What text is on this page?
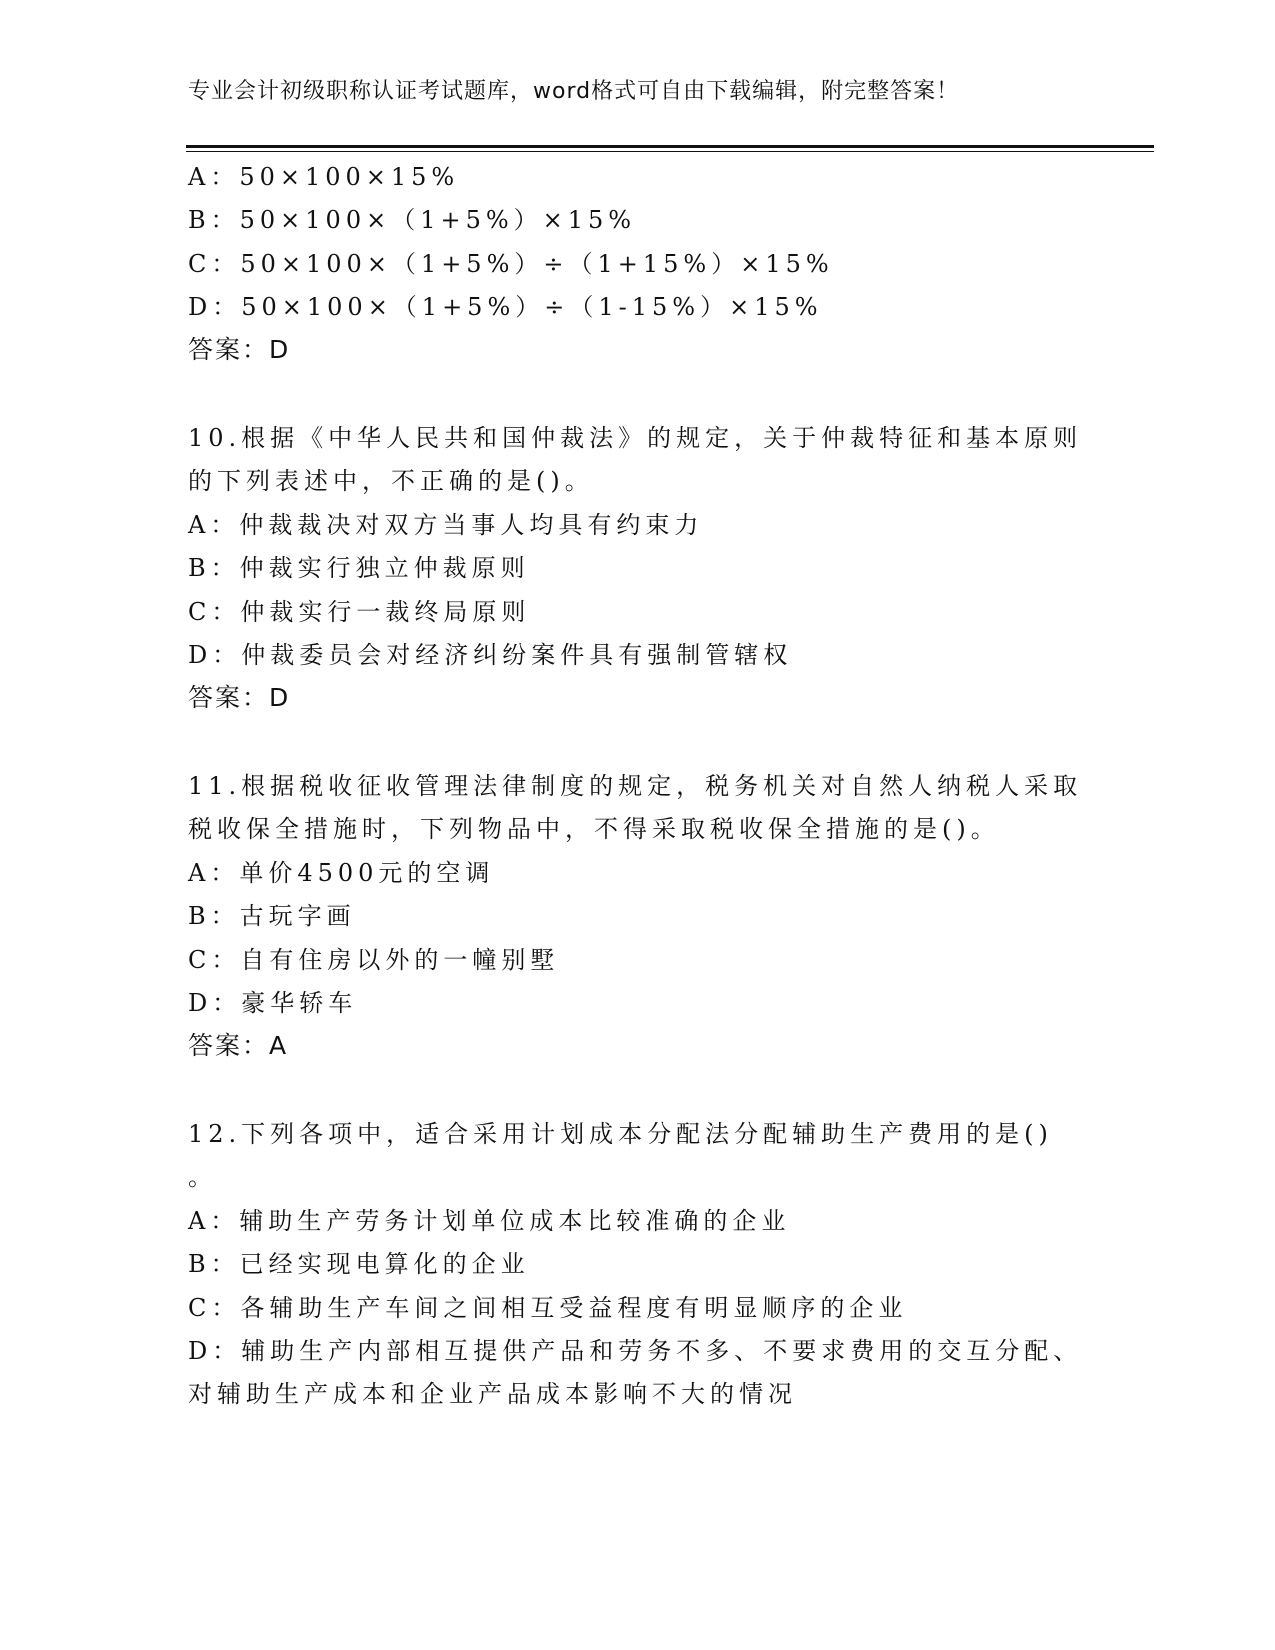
专业会计初级职称认证考试题库，word格式可自由下载编辑，附完整答案！
A：50×100×15%
B：50×100×（1+5%）×15%
C：50×100×（1+5%）÷（1+15%）×15%
D：50×100×（1+5%）÷（1-15%）×15%
答案：D
10.根据《中华人民共和国仲裁法》的规定，关于仲裁特征和基本原则
的下列表述中，不正确的是()。
A：仲裁裁决对双方当事人均具有约束力
B：仲裁实行独立仲裁原则
C：仲裁实行一裁终局原则
D：仲裁委员会对经济纠纷案件具有强制管辖权
答案：D
11.根据税收征收管理法律制度的规定，税务机关对自然人纳税人采取
税收保全措施时，下列物品中，不得采取税收保全措施的是()。
A：单价4500元的空调
B：古玩字画
C：自有住房以外的一幢别墅
D：豪华轿车
答案：A
12.下列各项中，适合采用计划成本分配法分配辅助生产费用的是()
。
A：辅助生产劳务计划单位成本比较准确的企业
B：已经实现电算化的企业
C：各辅助生产车间之间相互受益程度有明显顺序的企业
D：辅助生产内部相互提供产品和劳务不多、不要求费用的交互分配、
对辅助生产成本和企业产品成本影响不大的情况
